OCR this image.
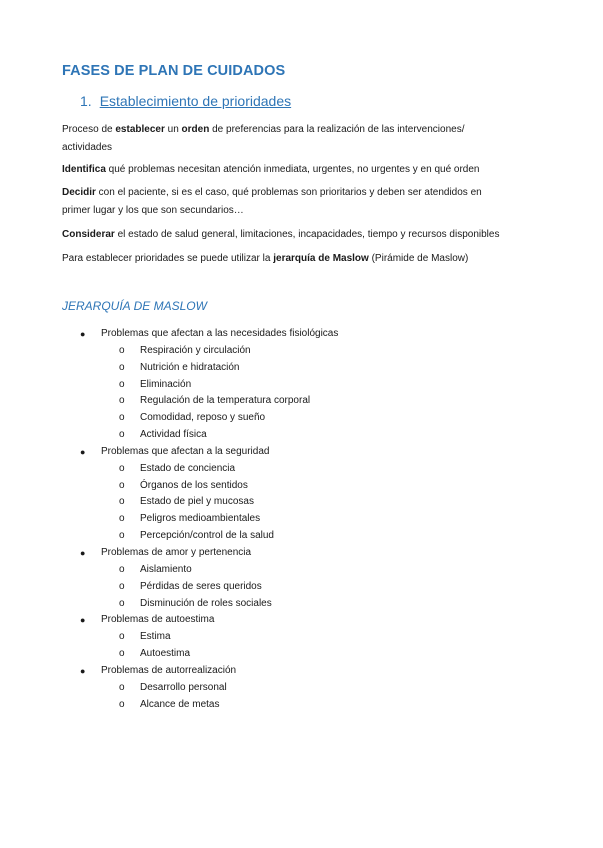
FASES DE PLAN DE CUIDADOS
1. Establecimiento de prioridades
Proceso de establecer un orden de preferencias para la realización de las intervenciones/
actividades
Identifica qué problemas necesitan atención inmediata, urgentes, no urgentes y en qué orden
Decidir con el paciente, si es el caso, qué problemas son prioritarios y deben ser atendidos en
primer lugar y los que son secundarios…
Considerar el estado de salud general, limitaciones, incapacidades, tiempo y recursos disponibles
Para establecer prioridades se puede utilizar la jerarquía de Maslow (Pirámide de Maslow)
JERARQUÍA DE MASLOW
● Problemas que afectan a las necesidades fisiológicas
o Respiración y circulación
o Nutrición e hidratación
o Eliminación
o Regulación de la temperatura corporal
o Comodidad, reposo y sueño
o Actividad física
● Problemas que afectan a la seguridad
o Estado de conciencia
o Órganos de los sentidos
o Estado de piel y mucosas
o Peligros medioambientales
o Percepción/control de la salud
● Problemas de amor y pertenencia
o Aislamiento
o Pérdidas de seres queridos
o Disminución de roles sociales
● Problemas de autoestima
o Estima
o Autoestima
● Problemas de autorrealización
o Desarrollo personal
o Alcance de metas
